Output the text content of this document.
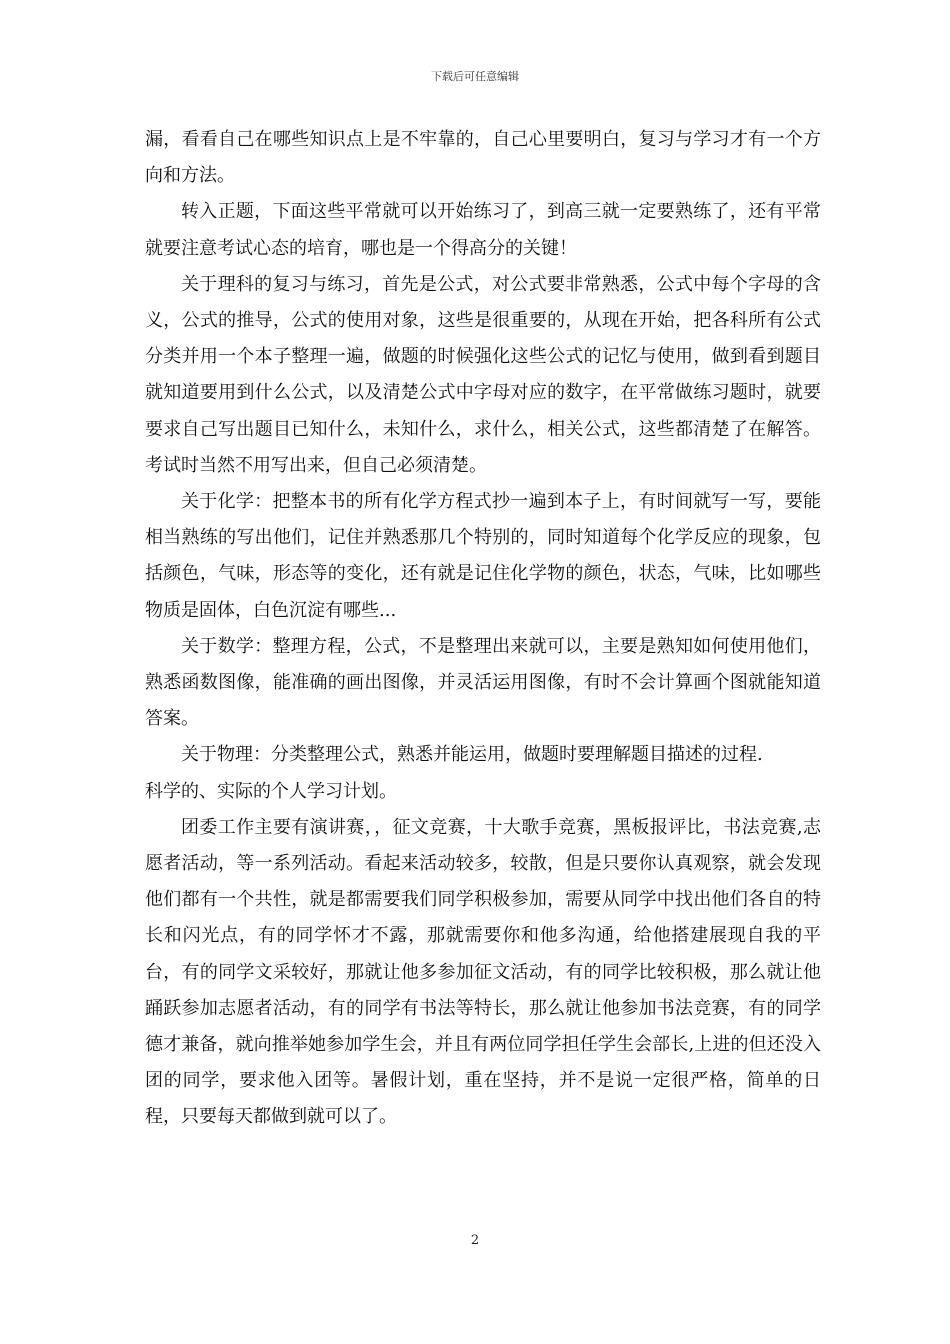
下载后可任意编辑

漏，看看自己在哪些知识点上是不牢靠的，自己心里要明白，复习与学习才有一个方向和方法。

转入正题，下面这些平常就可以开始练习了，到高三就一定要熟练了，还有平常就要注意考试心态的培育，哪也是一个得高分的关键！

关于理科的复习与练习，首先是公式，对公式要非常熟悉，公式中每个字母的含义，公式的推导，公式的使用对象，这些是很重要的，从现在开始，把各科所有公式分类并用一个本子整理一遍，做题的时候强化这些公式的记忆与使用，做到看到题目就知道要用到什么公式，以及清楚公式中字母对应的数字，在平常做练习题时，就要要求自己写出题目已知什么，未知什么，求什么，相关公式，这些都清楚了在解答。考试时当然不用写出来，但自己必须清楚。

关于化学：把整本书的所有化学方程式抄一遍到本子上，有时间就写一写，要能相当熟练的写出他们，记住并熟悉那几个特别的，同时知道每个化学反应的现象，包括颜色，气味，形态等的变化，还有就是记住化学物的颜色，状态，气味，比如哪些物质是固体，白色沉淀有哪些...

关于数学：整理方程，公式，不是整理出来就可以，主要是熟知如何使用他们，熟悉函数图像，能准确的画出图像，并灵活运用图像，有时不会计算画个图就能知道答案。

关于物理：分类整理公式，熟悉并能运用，做题时要理解题目描述的过程.

科学的、实际的个人学习计划。

团委工作主要有演讲赛，，征文竞赛，十大歌手竞赛，黑板报评比，书法竞赛,志愿者活动，等一系列活动。看起来活动较多，较散，但是只要你认真观察，就会发现他们都有一个共性，就是都需要我们同学积极参加，需要从同学中找出他们各自的特长和闪光点，有的同学怀才不露，那就需要你和他多沟通，给他搭建展现自我的平台，有的同学文采较好，那就让他多参加征文活动，有的同学比较积极，那么就让他踊跃参加志愿者活动，有的同学有书法等特长，那么就让他参加书法竞赛，有的同学德才兼备，就向推举她参加学生会，并且有两位同学担任学生会部长,上进的但还没入团的同学，要求他入团等。暑假计划，重在坚持，并不是说一定很严格，简单的日程，只要每天都做到就可以了。

2
